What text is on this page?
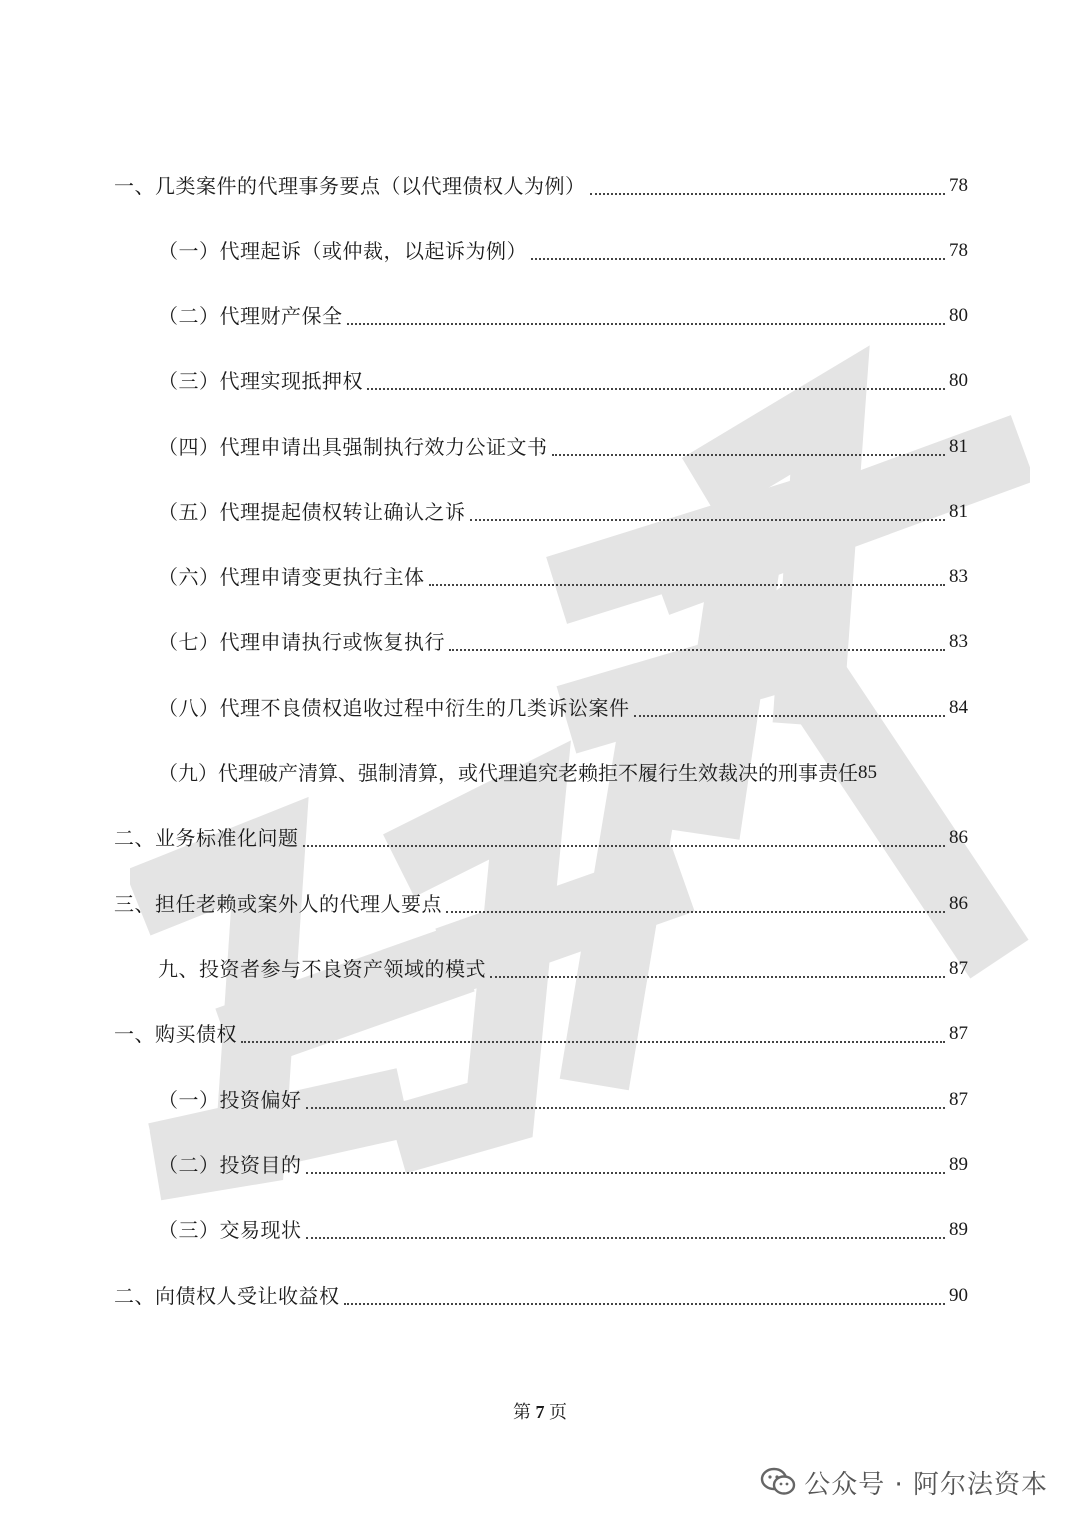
一、几类案件的代理事务要点（以代理债权人为例）	78
（一）代理起诉（或仲裁，以起诉为例）	78
（二）代理财产保全	80
（三）代理实现抵押权	80
（四）代理申请出具强制执行效力公证文书	81
（五）代理提起债权转让确认之诉	81
（六）代理申请变更执行主体	83
（七）代理申请执行或恢复执行	83
（八）代理不良债权追收过程中衍生的几类诉讼案件	84
（九）代理破产清算、强制清算，或代理追究老赖拒不履行生效裁决的刑事责任 85
二、业务标准化问题	86
三、担任老赖或案外人的代理人要点	86
九、投资者参与不良资产领域的模式	87
一、购买债权	87
（一）投资偏好	87
（二）投资目的	89
（三）交易现状	89
二、向债权人受让收益权	90
第 7 页
公众号 · 阿尔法资本
